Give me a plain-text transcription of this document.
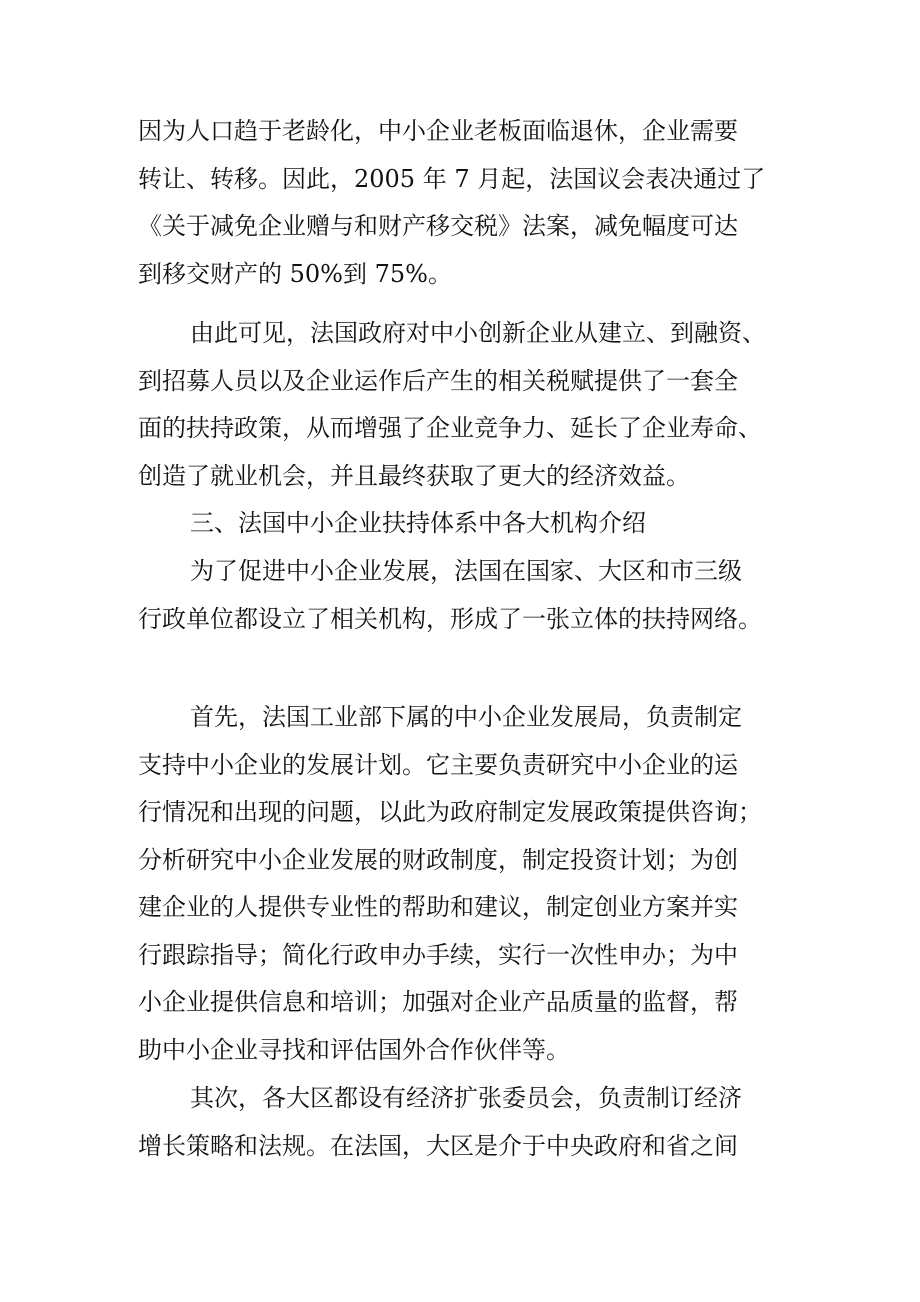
因为人口趋于老龄化，中小企业老板面临退休，企业需要
转让、转移。因此，2005 年 7 月起，法国议会表决通过了
《关于减免企业赠与和财产移交税》法案，减免幅度可达
到移交财产的 50%到 75%。
由此可见，法国政府对中小创新企业从建立、到融资、
到招募人员以及企业运作后产生的相关税赋提供了一套全
面的扶持政策，从而增强了企业竞争力、延长了企业寿命、
创造了就业机会，并且最终获取了更大的经济效益。
三、法国中小企业扶持体系中各大机构介绍
为了促进中小企业发展，法国在国家、大区和市三级
行政单位都设立了相关机构，形成了一张立体的扶持网络。
首先，法国工业部下属的中小企业发展局，负责制定
支持中小企业的发展计划。它主要负责研究中小企业的运
行情况和出现的问题，以此为政府制定发展政策提供咨询；
分析研究中小企业发展的财政制度，制定投资计划；为创
建企业的人提供专业性的帮助和建议，制定创业方案并实
行跟踪指导；简化行政申办手续，实行一次性申办；为中
小企业提供信息和培训；加强对企业产品质量的监督，帮
助中小企业寻找和评估国外合作伙伴等。
其次，各大区都设有经济扩张委员会，负责制订经济
增长策略和法规。在法国，大区是介于中央政府和省之间
